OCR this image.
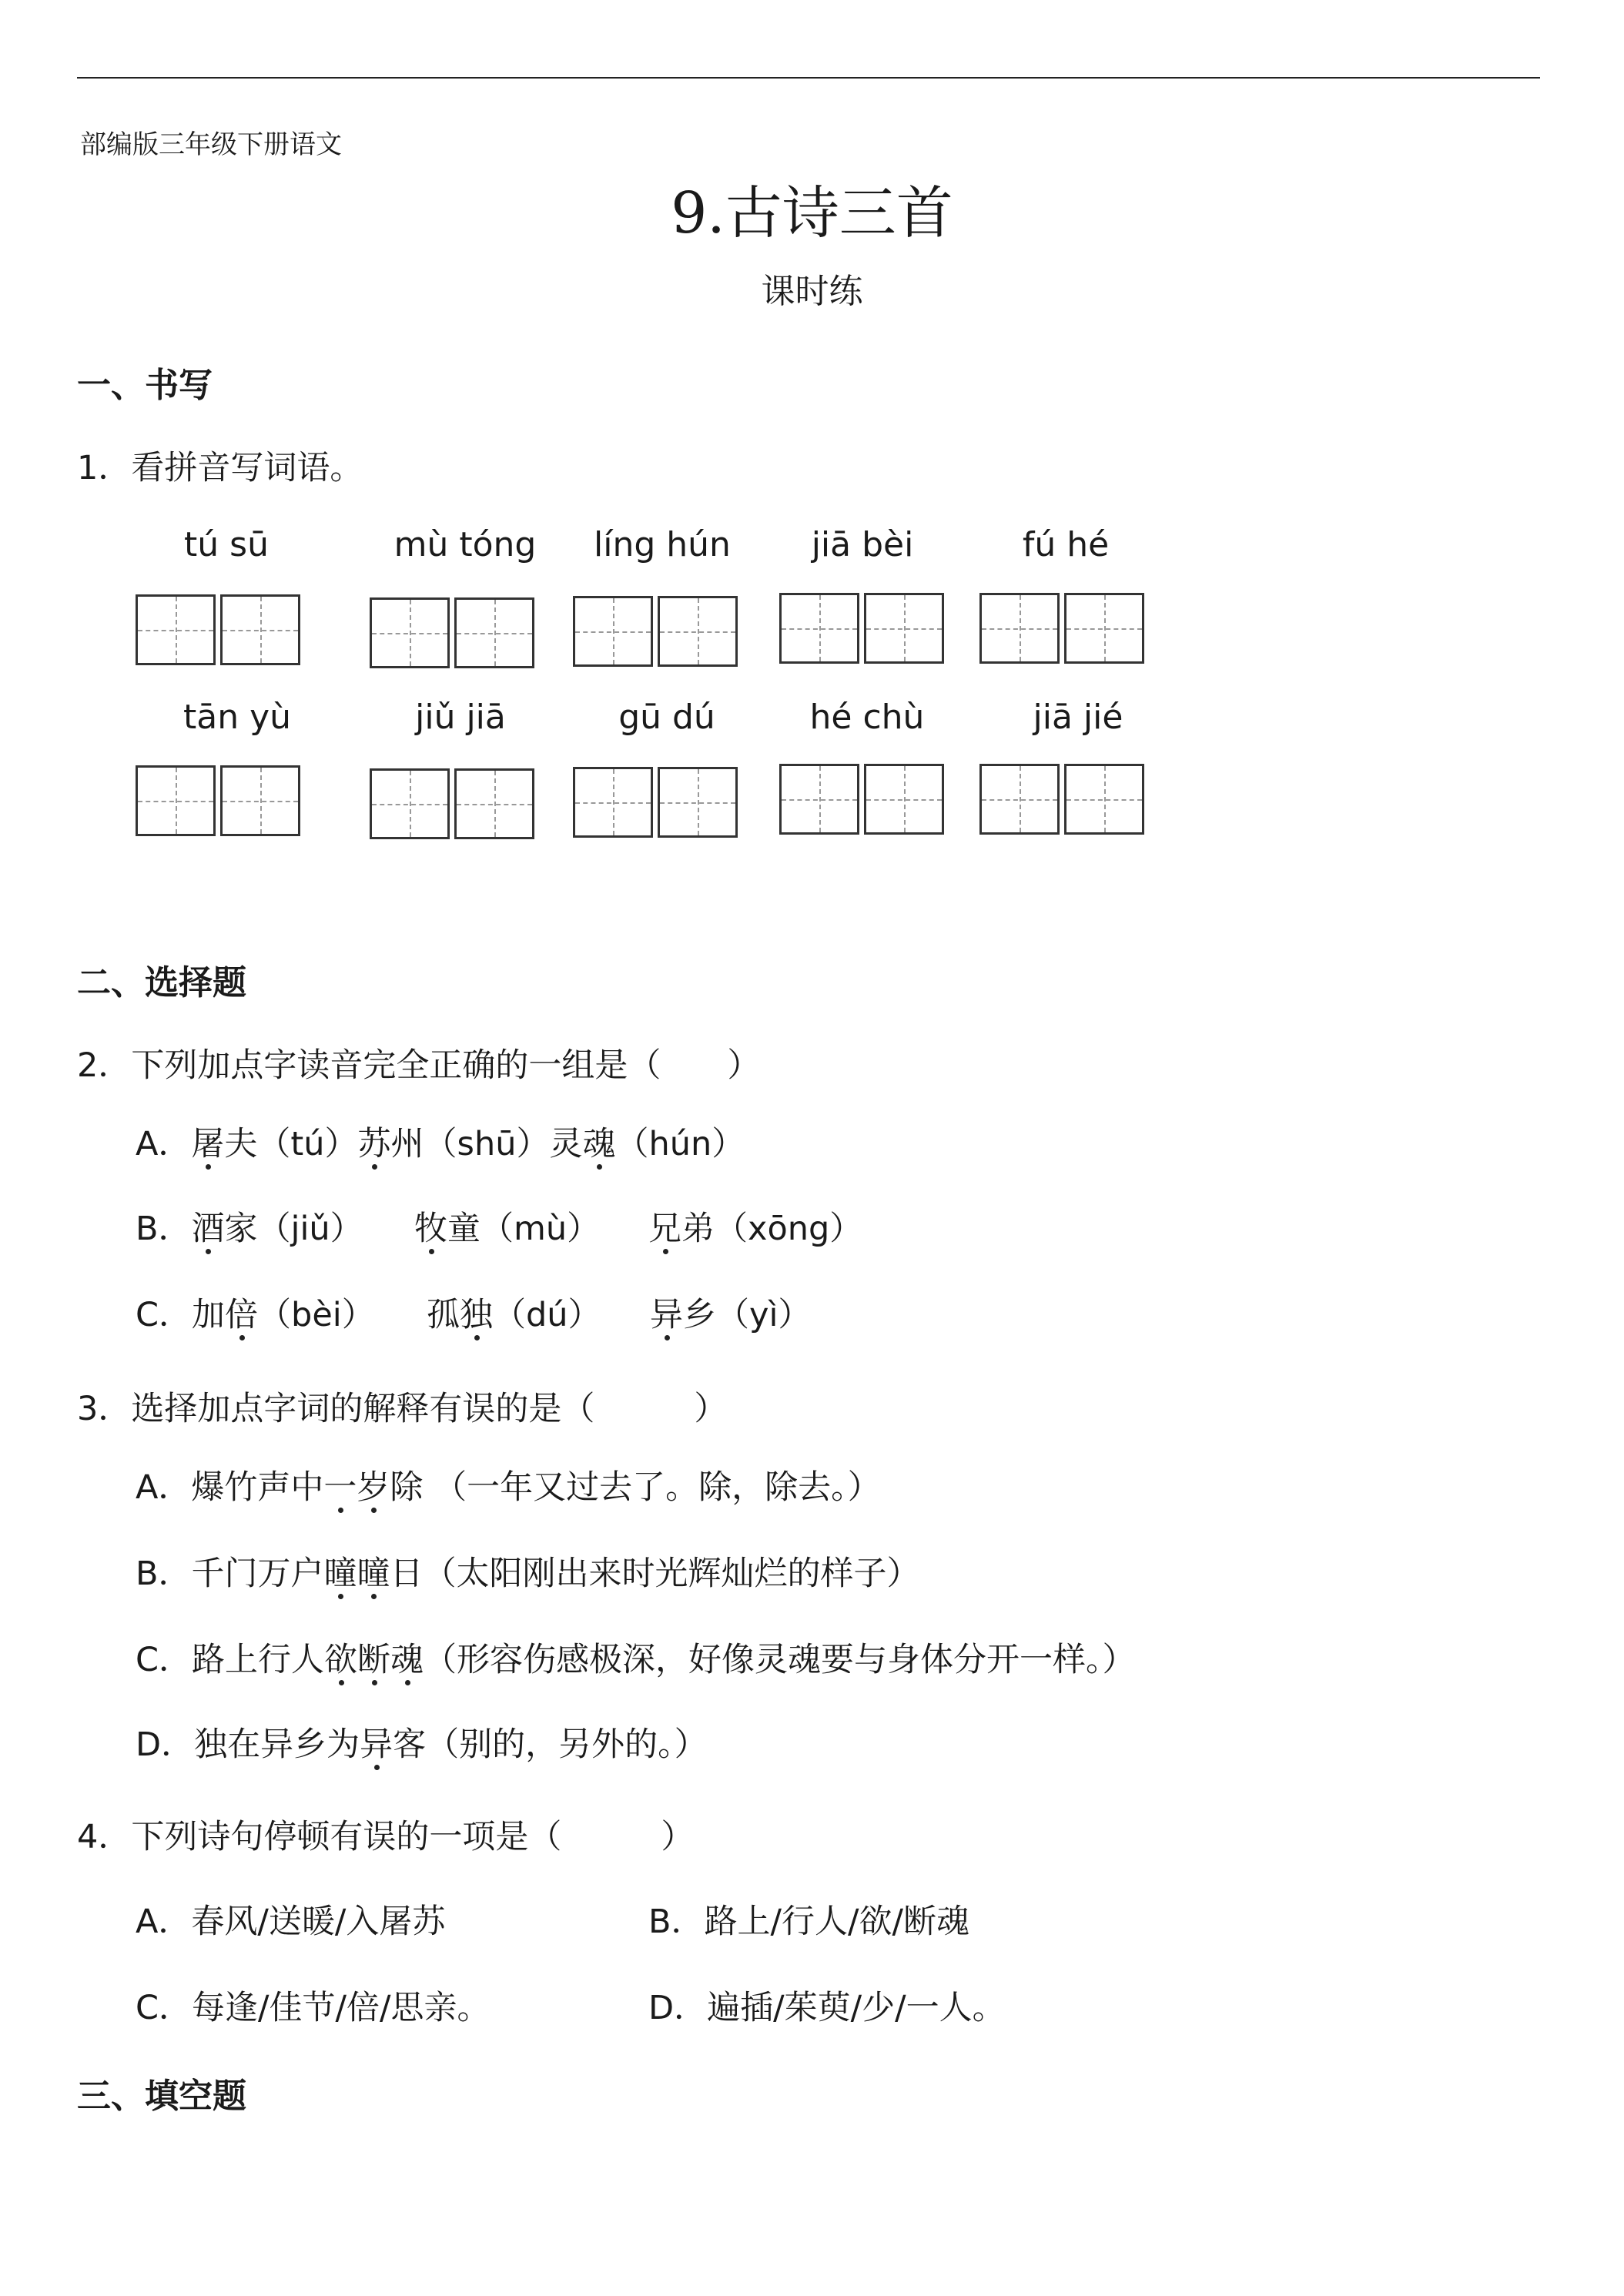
部编版三年级下册语文
9.古诗三首
课时练
一、书写
1．看拼音写词语。
tú sū	mù tóng	líng hún	jiā bèi	fú hé
tān yù	jiǔ jiā	gū dú	hé chù	jiā jié
二、选择题
2．下列加点字读音完全正确的一组是（　　）
A．屠夫（tú）苏州（shū）灵魂（hún）
B．酒家（jiǔ） 牧童（mù） 兄弟（xōng）
C．加倍（bèi） 孤独（dú） 异乡（yì）
3．选择加点字词的解释有误的是（　　　）
A．爆竹声中一岁除 （一年又过去了。除，除去。）
B．千门万户曈曈日（太阳刚出来时光辉灿烂的样子）
C．路上行人欲断魂（形容伤感极深，好像灵魂要与身体分开一样。）
D．独在异乡为异客（别的，另外的。）
4．下列诗句停顿有误的一项是（　　　）
A．春风/送暖/入屠苏	B．路上/行人/欲/断魂
C．每逢/佳节/倍/思亲。	D．遍插/茱萸/少/一人。
三、填空题
